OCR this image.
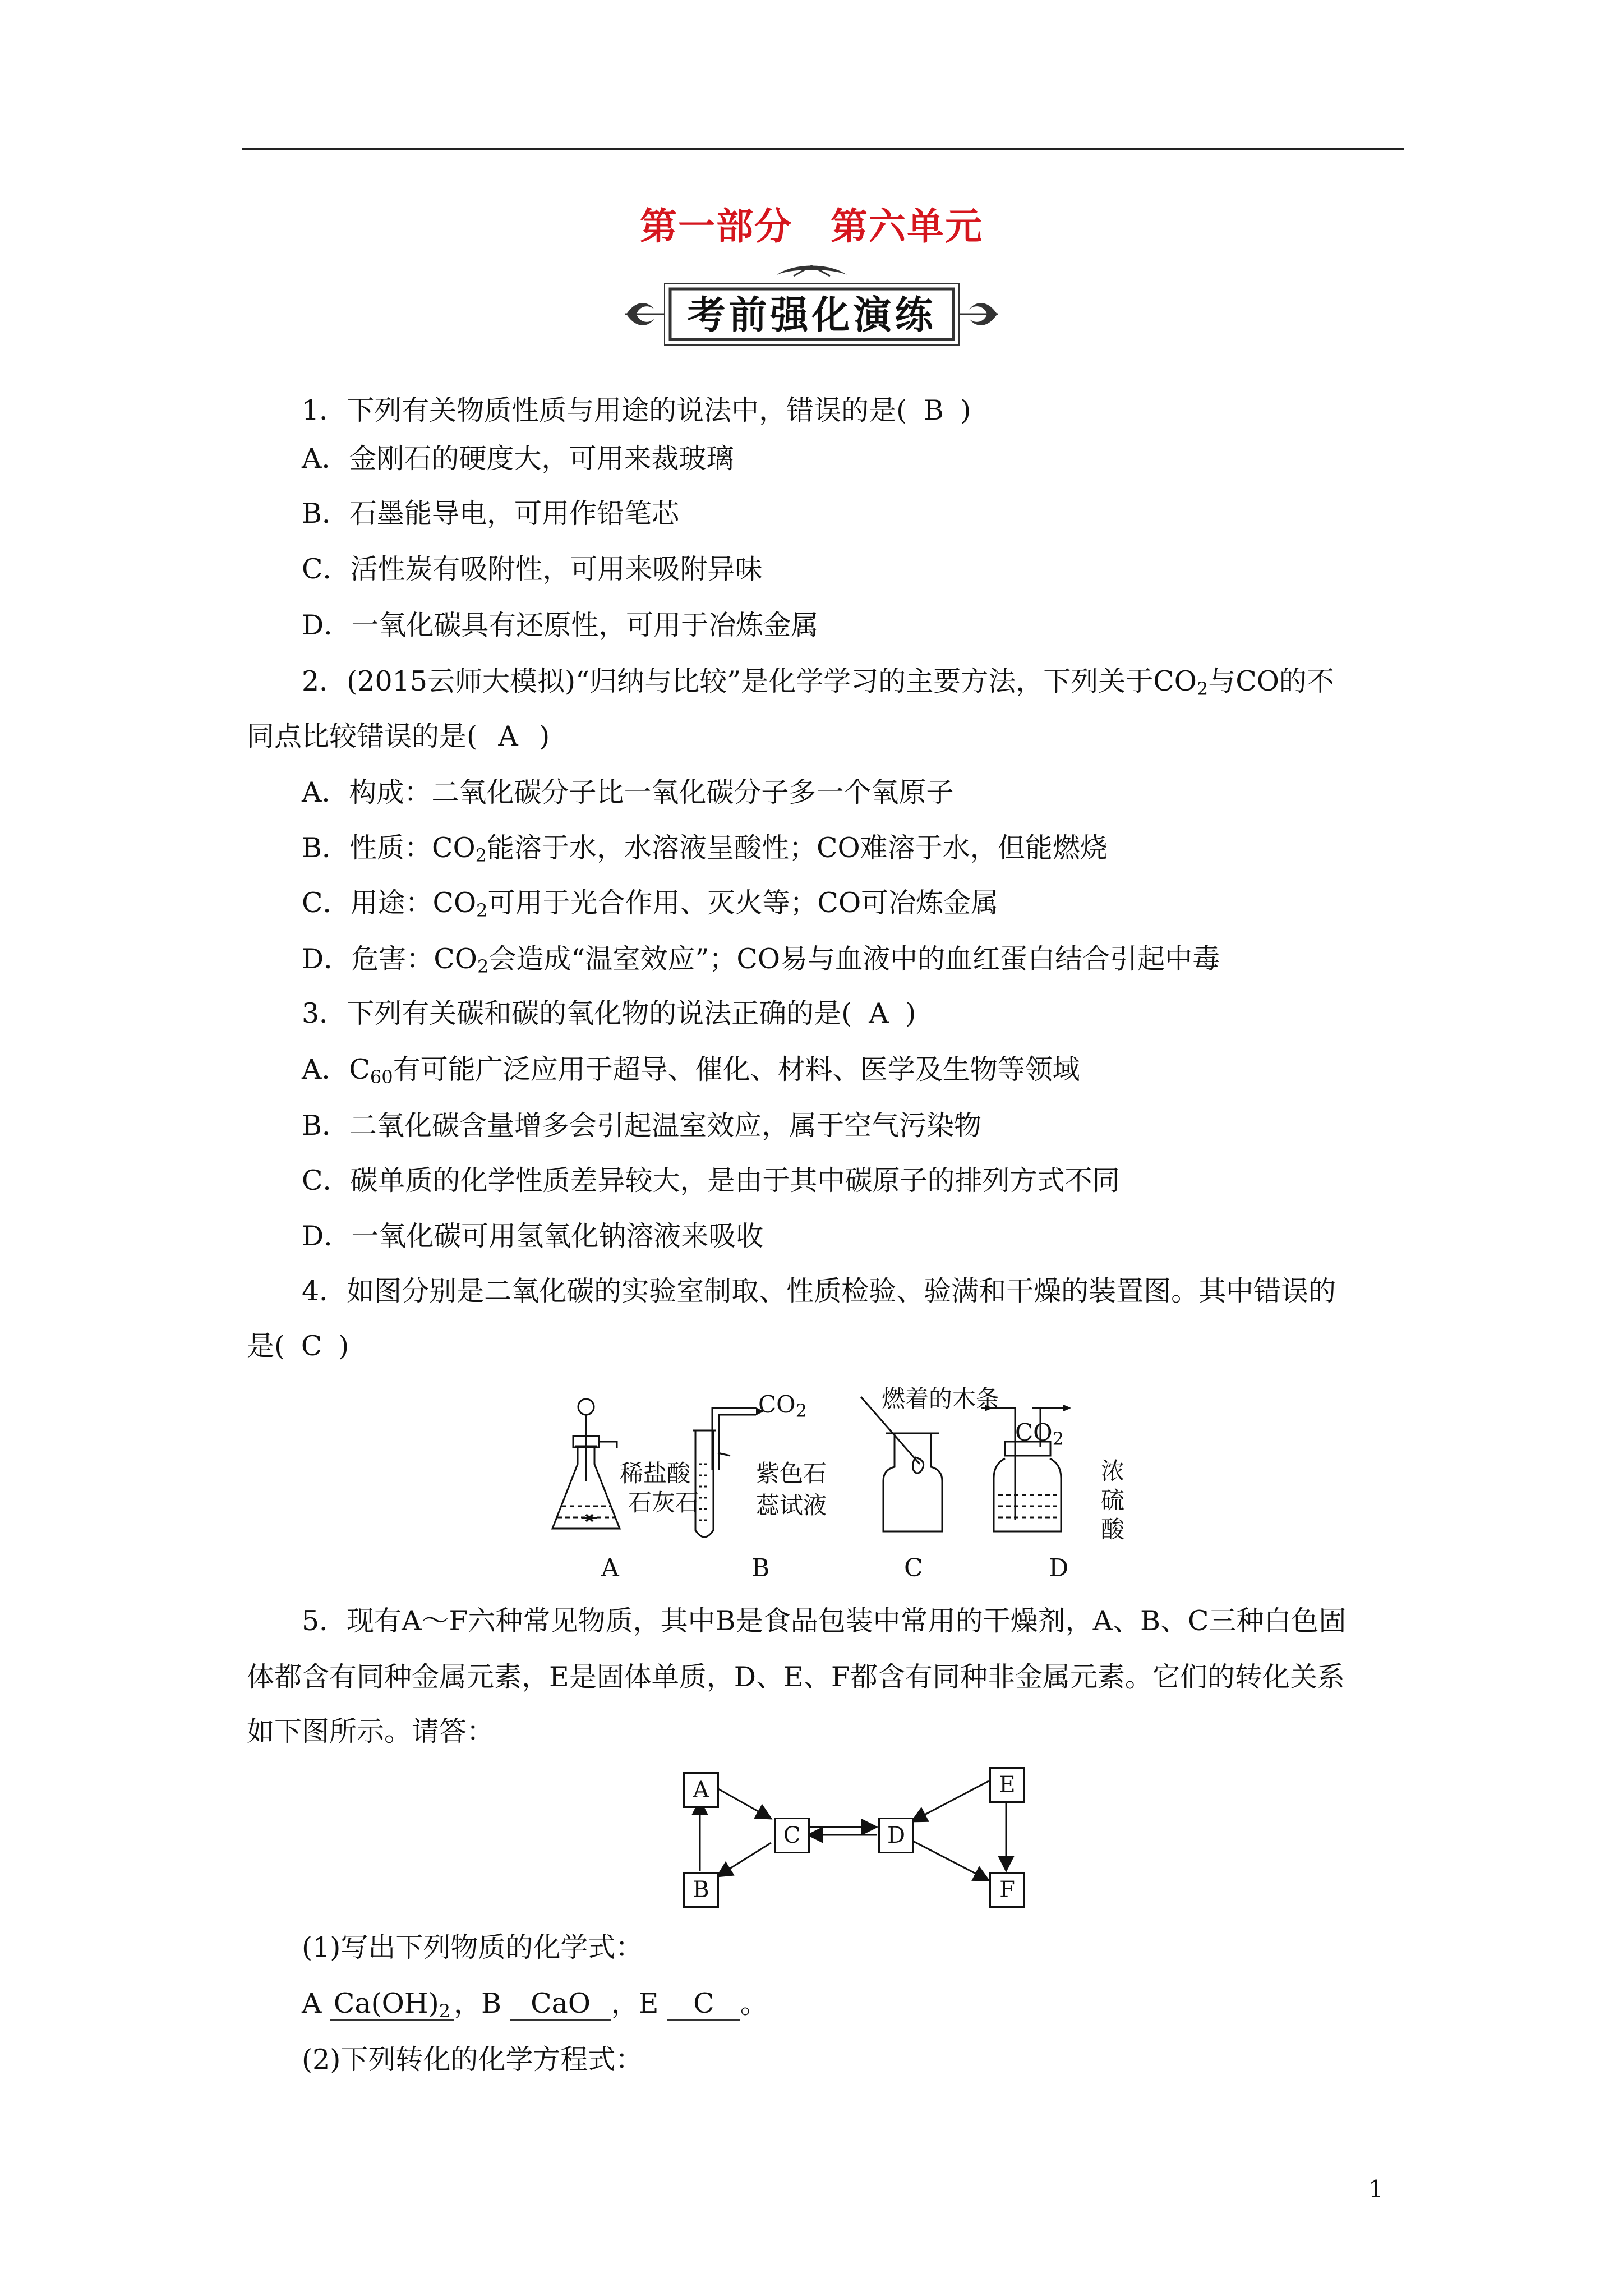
第一部分　第六单元
考前强化演练
1．下列有关物质性质与用途的说法中，错误的是( B )
A．金刚石的硬度大，可用来裁玻璃
B．石墨能导电，可用作铅笔芯
C．活性炭有吸附性，可用来吸附异味
D．一氧化碳具有还原性，可用于冶炼金属
2．(2015云师大模拟)“归纳与比较”是化学学习的主要方法，下列关于$CO_2$与CO的不
同点比较错误的是( A )
A．构成：二氧化碳分子比一氧化碳分子多一个氧原子
B．性质：$CO_2$能溶于水，水溶液呈酸性；CO难溶于水，但能燃烧
C．用途：$CO_2$可用于光合作用、灭火等；CO可冶炼金属
D．危害：$CO_2$会造成“温室效应”；CO易与血液中的血红蛋白结合引起中毒
3．下列有关碳和碳的氧化物的说法正确的是( A )
A．$C_{60}$有可能广泛应用于超导、催化、材料、医学及生物等领域
B．二氧化碳含量增多会引起温室效应，属于空气污染物
C．碳单质的化学性质差异较大，是由于其中碳原子的排列方式不同
D．一氧化碳可用氢氧化钠溶液来吸收
4．如图分别是二氧化碳的实验室制取、性质检验、验满和干燥的装置图。其中错误的
是( C )
稀盐酸
石灰石
$CO_2$
紫色石
蕊试液
燃着的木条
$CO_2$
浓
硫
酸
A	B	C	D
5．现有A～F六种常见物质，其中B是食品包装中常用的干燥剂，A、B、C三种白色固
体都含有同种金属元素，E是固体单质，D、E、F都含有同种非金属元素。它们的转化关系
如下图所示。请答：
A
B
C	D
E
F
(1)写出下列物质的化学式：
A $Ca(OH)_2$ ，B CaO ，E C 。
(2)下列转化的化学方程式：
1
